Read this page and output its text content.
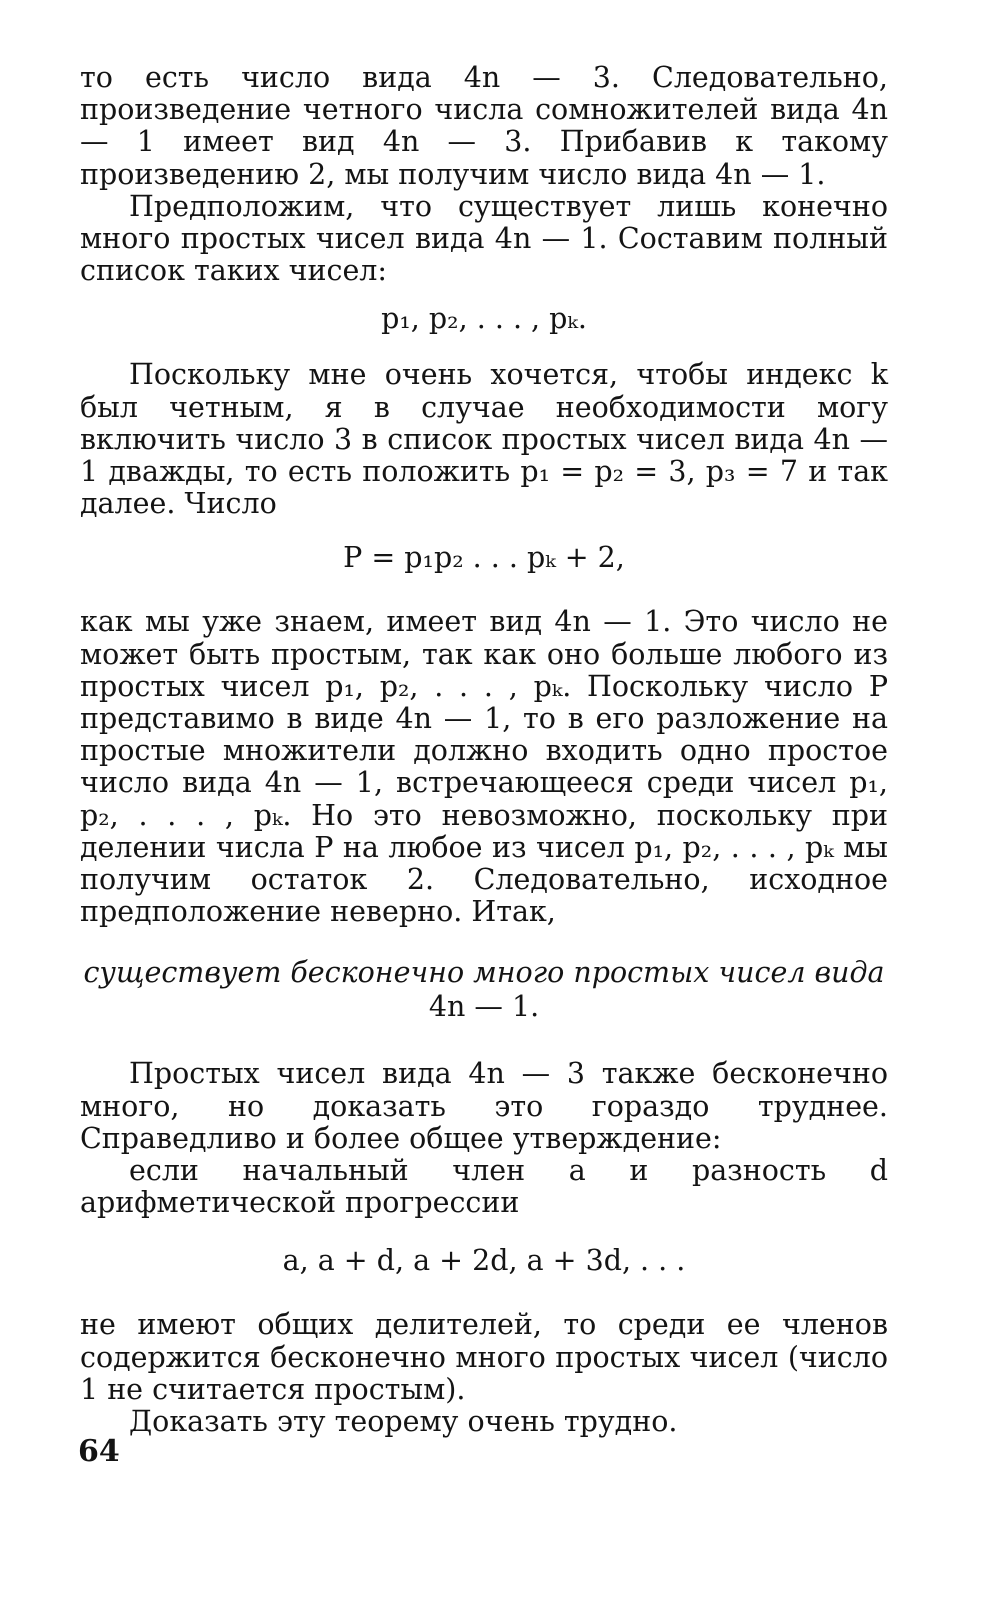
то есть число вида 4n — 3. Следовательно, произведение четного числа сомножителей вида 4n — 1 имеет вид 4n — 3. Прибавив к такому произведению 2, мы получим число вида 4n — 1.

Предположим, что существует лишь конечно много простых чисел вида 4n — 1. Составим полный список таких чисел:

p₁, p₂, . . . , pₖ.

Поскольку мне очень хочется, чтобы индекс k был четным, я в случае необходимости могу включить число 3 в список простых чисел вида 4n — 1 дважды, то есть положить p₁ = p₂ = 3, p₃ = 7 и так далее. Число

P = p₁p₂ . . . pₖ + 2,

как мы уже знаем, имеет вид 4n — 1. Это число не может быть простым, так как оно больше любого из простых чисел p₁, p₂, . . . , pₖ. Поскольку число P представимо в виде 4n — 1, то в его разложение на простые множители должно входить одно простое число вида 4n — 1, встречающееся среди чисел p₁, p₂, . . . , pₖ. Но это невозможно, поскольку при делении числа P на любое из чисел p₁, p₂, . . . , pₖ мы получим остаток 2. Следовательно, исходное предположение неверно. Итак,

существует бесконечно много простых чисел вида
4n — 1.

Простых чисел вида 4n — 3 также бесконечно много, но доказать это гораздо труднее. Справедливо и более общее утверждение:

если начальный член a и разность d арифметической прогрессии

a, a + d, a + 2d, a + 3d, . . .

не имеют общих делителей, то среди ее членов содержится бесконечно много простых чисел (число 1 не считается простым).

Доказать эту теорему очень трудно.

64
